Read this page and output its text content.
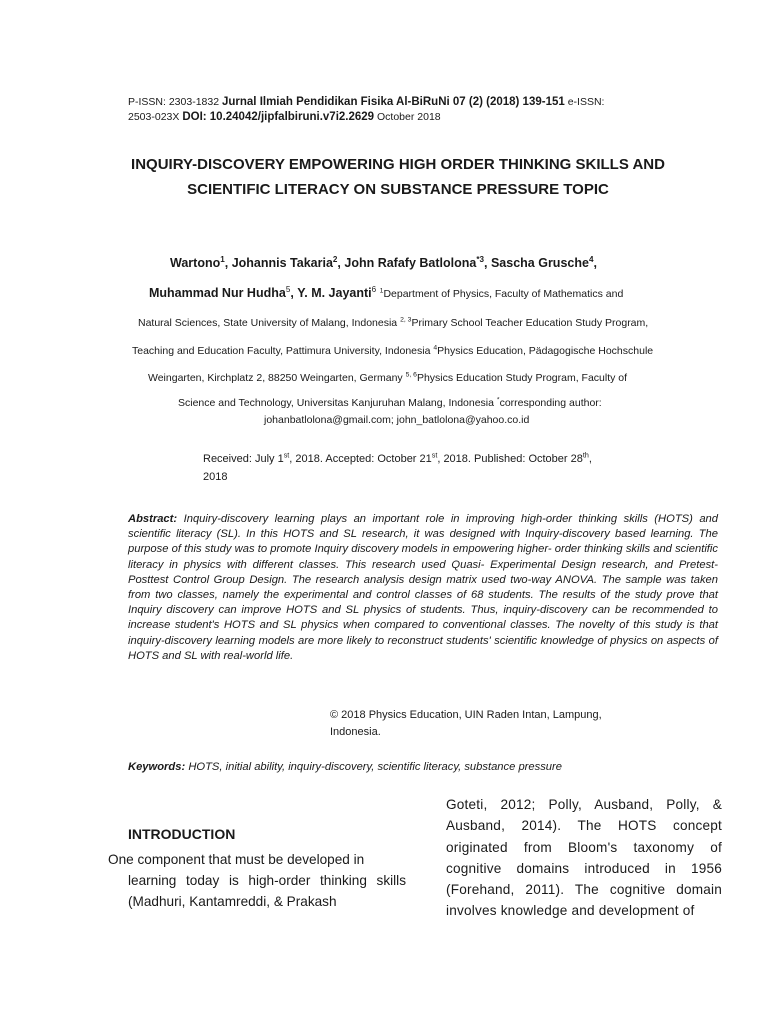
P-ISSN: 2303-1832 Jurnal Ilmiah Pendidikan Fisika Al-BiRuNi 07 (2) (2018) 139-151 e-ISSN:
2503-023X DOI: 10.24042/jipfalbiruni.v7i2.2629 October 2018
INQUIRY-DISCOVERY EMPOWERING HIGH ORDER THINKING SKILLS AND SCIENTIFIC LITERACY ON SUBSTANCE PRESSURE TOPIC
Wartono$^1$, Johannis Takaria$^2$, John Rafafy Batlolona$^{*3}$, Sascha Grusche$^4$,
Muhammad Nur Hudha$^5$, Y. M. Jayanti$^6$ $^1$Department of Physics, Faculty of Mathematics and
Natural Sciences, State University of Malang, Indonesia $^{2, 3}$Primary School Teacher Education Study Program,
Teaching and Education Faculty, Pattimura University, Indonesia $^4$Physics Education, Pädagogische Hochschule
Weingarten, Kirchplatz 2, 88250 Weingarten, Germany $^{5, 6}$Physics Education Study Program, Faculty of
Science and Technology, Universitas Kanjuruhan Malang, Indonesia *corresponding author:
johanbatlolona@gmail.com; john_batlolona@yahoo.co.id
Received: July 1st, 2018. Accepted: October 21st, 2018. Published: October 28th,
2018
Abstract: Inquiry-discovery learning plays an important role in improving high-order thinking skills (HOTS) and scientific literacy (SL). In this HOTS and SL research, it was designed with Inquiry-discovery based learning. The purpose of this study was to promote Inquiry discovery models in empowering higher- order thinking skills and scientific literacy in physics with different classes. This research used Quasi- Experimental Design research, and Pretest-Posttest Control Group Design. The research analysis design matrix used two-way ANOVA. The sample was taken from two classes, namely the experimental and control classes of 68 students. The results of the study prove that Inquiry discovery can improve HOTS and SL physics of students. Thus, inquiry-discovery can be recommended to increase student's HOTS and SL physics when compared to conventional classes. The novelty of this study is that inquiry-discovery learning models are more likely to reconstruct students' scientific knowledge of physics on aspects of HOTS and SL with real-world life.
© 2018 Physics Education, UIN Raden Intan, Lampung,
Indonesia.
Keywords: HOTS, initial ability, inquiry-discovery, scientific literacy, substance pressure
INTRODUCTION
One component that must be developed in
learning today is high-order thinking skills (Madhuri, Kantamreddi, & Prakash
Goteti, 2012; Polly, Ausband, Polly, & Ausband, 2014). The HOTS concept originated from Bloom's taxonomy of cognitive domains introduced in 1956 (Forehand, 2011). The cognitive domain involves knowledge and development of
